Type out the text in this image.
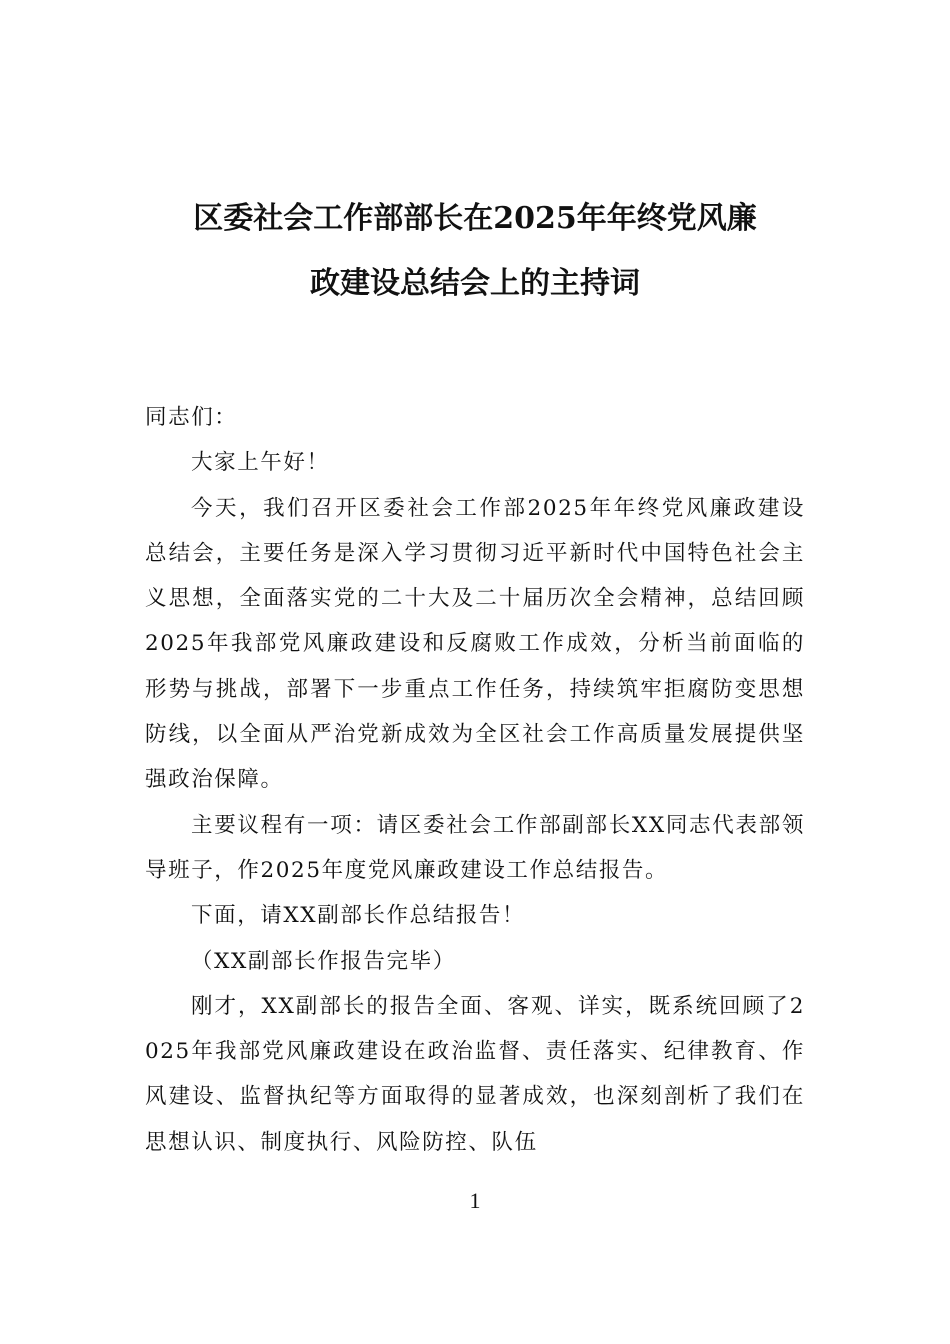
区委社会工作部部长在2025年年终党风廉
政建设总结会上的主持词

同志们：

大家上午好！

今天，我们召开区委社会工作部2025年年终党风廉政建设总结会，主要任务是深入学习贯彻习近平新时代中国特色社会主义思想，全面落实党的二十大及二十届历次全会精神，总结回顾2025年我部党风廉政建设和反腐败工作成效，分析当前面临的形势与挑战，部署下一步重点工作任务，持续筑牢拒腐防变思想防线，以全面从严治党新成效为全区社会工作高质量发展提供坚强政治保障。

主要议程有一项：请区委社会工作部副部长XX同志代表部领导班子，作2025年度党风廉政建设工作总结报告。

下面，请XX副部长作总结报告！

（XX副部长作报告完毕）

刚才，XX副部长的报告全面、客观、详实，既系统回顾了2025年我部党风廉政建设在政治监督、责任落实、纪律教育、作风建设、监督执纪等方面取得的显著成效，也深刻剖析了我们在思想认识、制度执行、风险防控、队伍

1
